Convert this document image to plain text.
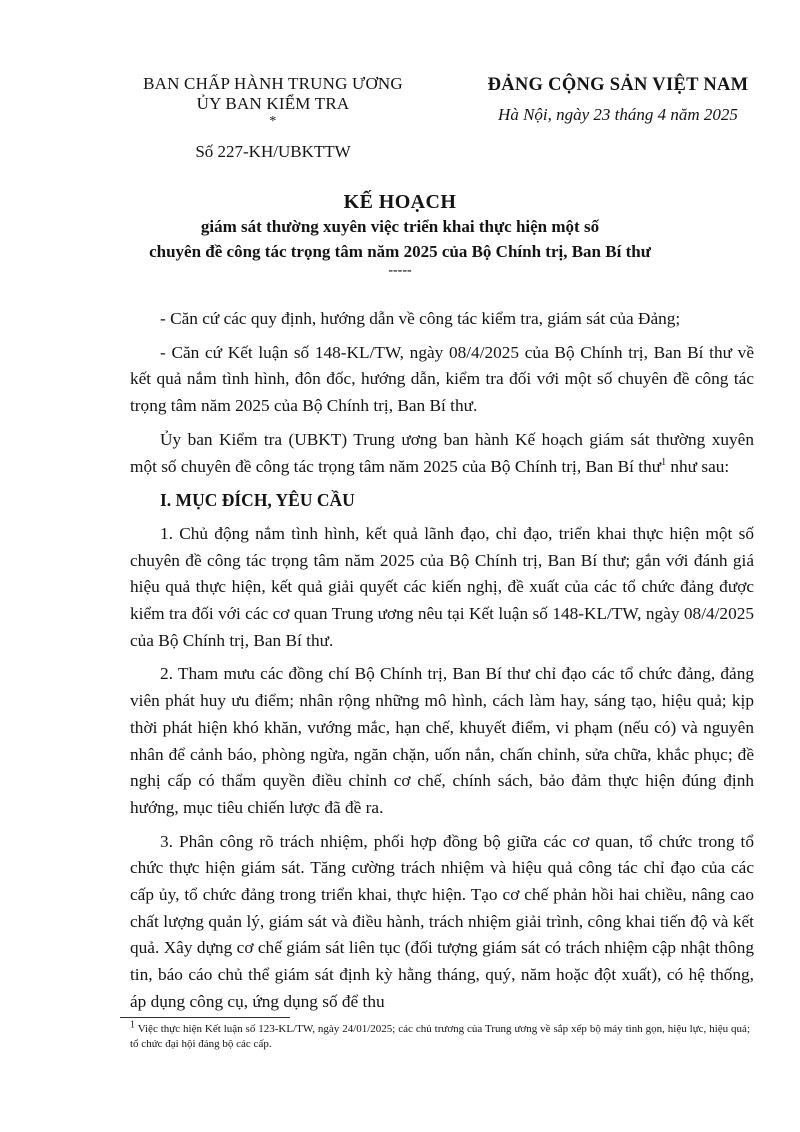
BAN CHẤP HÀNH TRUNG ƯƠNG
ỦY BAN KIỂM TRA
*
Số 227-KH/UBKTTW
ĐẢNG CỘNG SẢN VIỆT NAM
Hà Nội, ngày 23 tháng 4 năm 2025
KẾ HOẠCH
giám sát thường xuyên việc triển khai thực hiện một số
chuyên đề công tác trọng tâm năm 2025 của Bộ Chính trị, Ban Bí thư
-----

- Căn cứ các quy định, hướng dẫn về công tác kiểm tra, giám sát của Đảng;

- Căn cứ Kết luận số 148-KL/TW, ngày 08/4/2025 của Bộ Chính trị, Ban Bí thư về kết quả nắm tình hình, đôn đốc, hướng dẫn, kiểm tra đối với một số chuyên đề công tác trọng tâm năm 2025 của Bộ Chính trị, Ban Bí thư.

Ủy ban Kiểm tra (UBKT) Trung ương ban hành Kế hoạch giám sát thường xuyên một số chuyên đề công tác trọng tâm năm 2025 của Bộ Chính trị, Ban Bí thư$^1$ như sau:

I. MỤC ĐÍCH, YÊU CẦU

1. Chủ động nắm tình hình, kết quả lãnh đạo, chỉ đạo, triển khai thực hiện một số chuyên đề công tác trọng tâm năm 2025 của Bộ Chính trị, Ban Bí thư; gắn với đánh giá hiệu quả thực hiện, kết quả giải quyết các kiến nghị, đề xuất của các tổ chức đảng được kiểm tra đối với các cơ quan Trung ương nêu tại Kết luận số 148-KL/TW, ngày 08/4/2025 của Bộ Chính trị, Ban Bí thư.

2. Tham mưu các đồng chí Bộ Chính trị, Ban Bí thư chỉ đạo các tổ chức đảng, đảng viên phát huy ưu điểm; nhân rộng những mô hình, cách làm hay, sáng tạo, hiệu quả; kịp thời phát hiện khó khăn, vướng mắc, hạn chế, khuyết điểm, vi phạm (nếu có) và nguyên nhân để cảnh báo, phòng ngừa, ngăn chặn, uốn nắn, chấn chỉnh, sửa chữa, khắc phục; đề nghị cấp có thẩm quyền điều chỉnh cơ chế, chính sách, bảo đảm thực hiện đúng định hướng, mục tiêu chiến lược đã đề ra.

3. Phân công rõ trách nhiệm, phối hợp đồng bộ giữa các cơ quan, tổ chức trong tổ chức thực hiện giám sát. Tăng cường trách nhiệm và hiệu quả công tác chỉ đạo của các cấp ủy, tổ chức đảng trong triển khai, thực hiện. Tạo cơ chế phản hồi hai chiều, nâng cao chất lượng quản lý, giám sát và điều hành, trách nhiệm giải trình, công khai tiến độ và kết quả. Xây dựng cơ chế giám sát liên tục (đối tượng giám sát có trách nhiệm cập nhật thông tin, báo cáo chủ thể giám sát định kỳ hằng tháng, quý, năm hoặc đột xuất), có hệ thống, áp dụng công cụ, ứng dụng số để thu

$^1$ Việc thực hiện Kết luận số 123-KL/TW, ngày 24/01/2025; các chủ trương của Trung ương về sắp xếp bộ máy tinh gọn, hiệu lực, hiệu quả; tổ chức đại hội đảng bộ các cấp.
